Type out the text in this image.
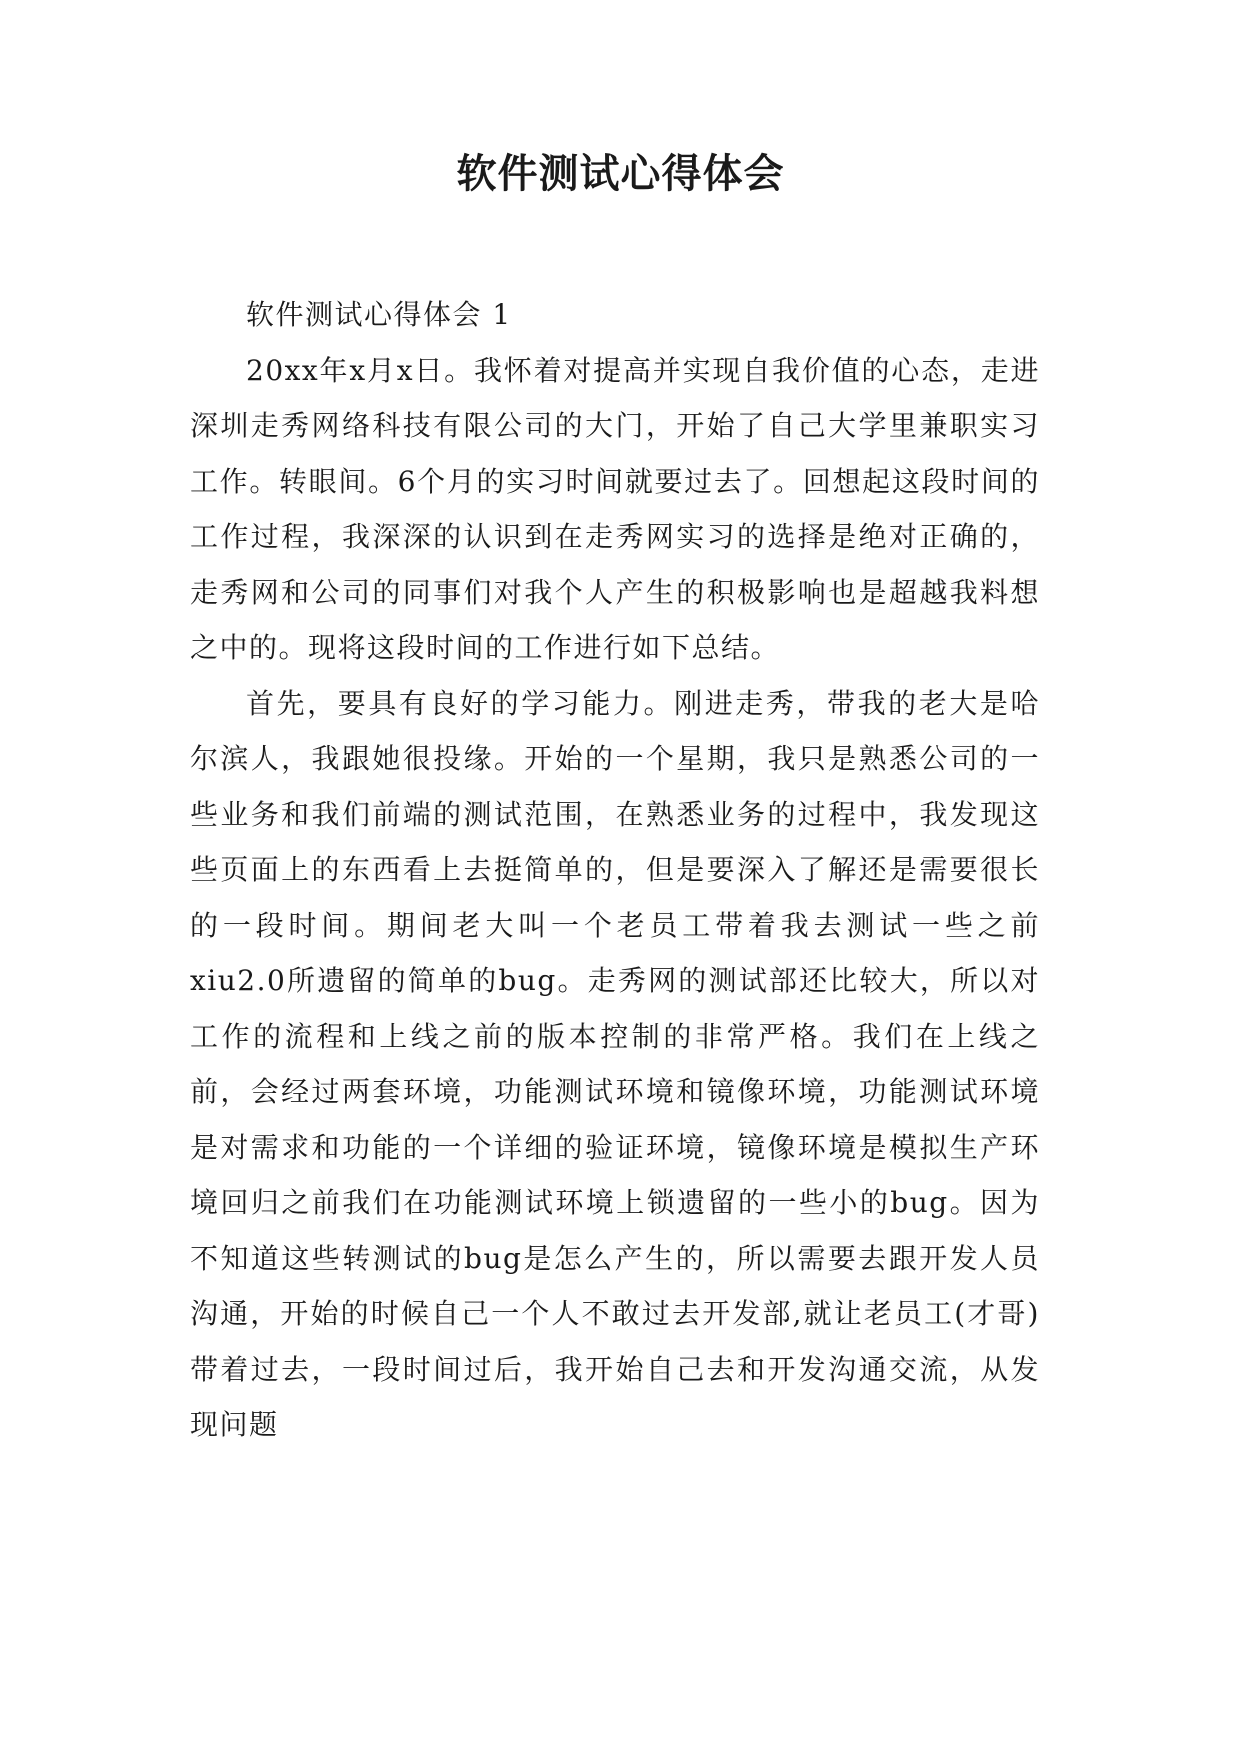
软件测试心得体会

软件测试心得体会 1

20xx年x月x日。我怀着对提高并实现自我价值的心态，走进深圳走秀网络科技有限公司的大门，开始了自己大学里兼职实习工作。转眼间。6个月的实习时间就要过去了。回想起这段时间的工作过程，我深深的认识到在走秀网实习的选择是绝对正确的，走秀网和公司的同事们对我个人产生的积极影响也是超越我料想之中的。现将这段时间的工作进行如下总结。

首先，要具有良好的学习能力。刚进走秀，带我的老大是哈尔滨人，我跟她很投缘。开始的一个星期，我只是熟悉公司的一些业务和我们前端的测试范围，在熟悉业务的过程中，我发现这些页面上的东西看上去挺简单的，但是要深入了解还是需要很长的一段时间。期间老大叫一个老员工带着我去测试一些之前xiu2.0所遗留的简单的bug。走秀网的测试部还比较大，所以对工作的流程和上线之前的版本控制的非常严格。我们在上线之前，会经过两套环境，功能测试环境和镜像环境，功能测试环境是对需求和功能的一个详细的验证环境，镜像环境是模拟生产环境回归之前我们在功能测试环境上锁遗留的一些小的bug。因为不知道这些转测试的bug是怎么产生的，所以需要去跟开发人员沟通，开始的时候自己一个人不敢过去开发部,就让老员工(才哥)带着过去，一段时间过后，我开始自己去和开发沟通交流，从发现问题
